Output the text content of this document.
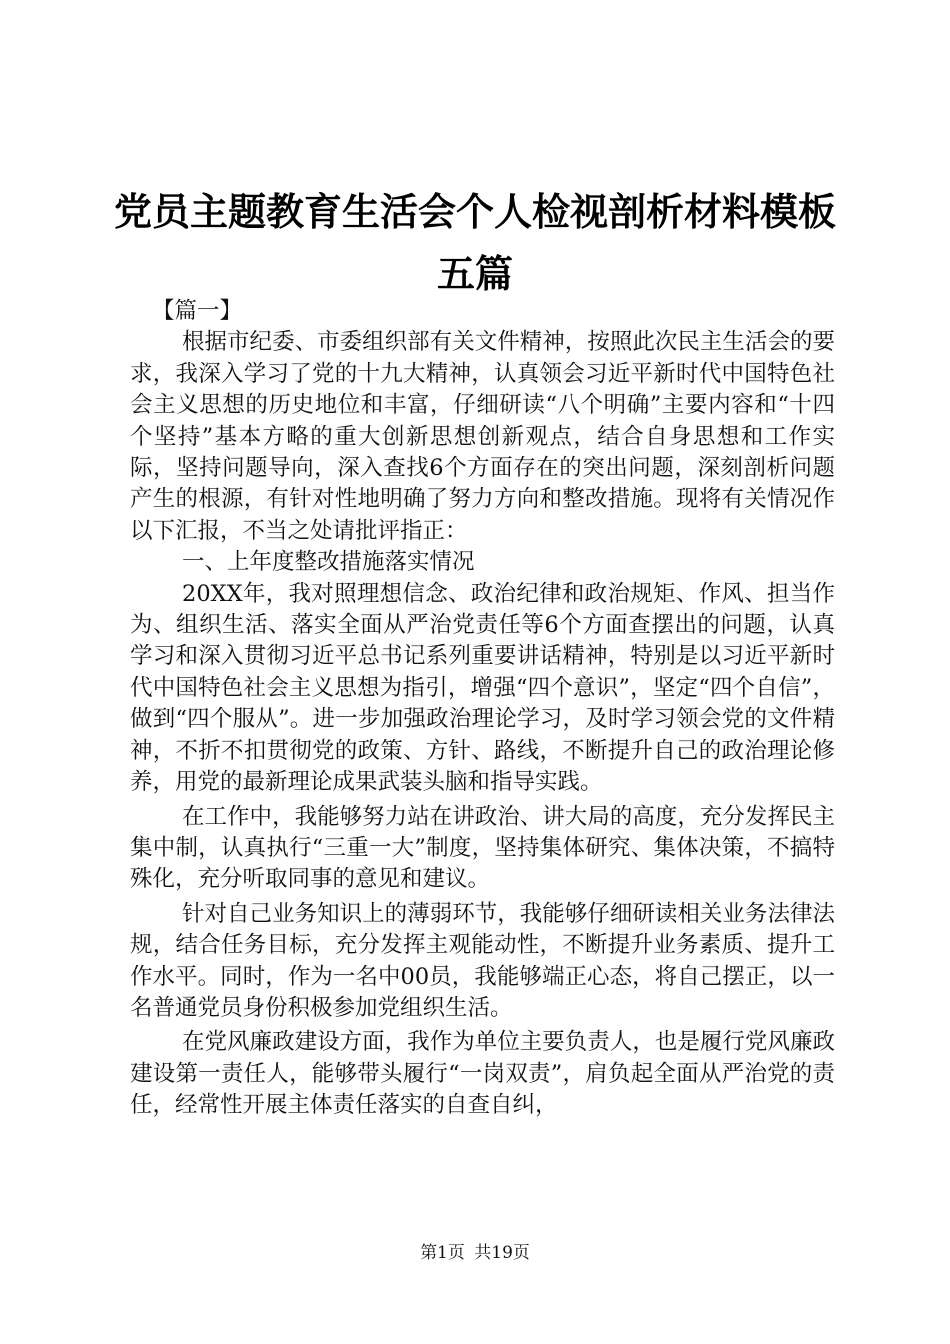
党员主题教育生活会个人检视剖析材料模板五篇

【篇一】

根据市纪委、市委组织部有关文件精神，按照此次民主生活会的要求，我深入学习了党的十九大精神，认真领会习近平新时代中国特色社会主义思想的历史地位和丰富，仔细研读“八个明确”主要内容和“十四个坚持”基本方略的重大创新思想创新观点，结合自身思想和工作实际，坚持问题导向，深入查找6个方面存在的突出问题，深刻剖析问题产生的根源，有针对性地明确了努力方向和整改措施。现将有关情况作以下汇报，不当之处请批评指正：

一、上年度整改措施落实情况

20XX年，我对照理想信念、政治纪律和政治规矩、作风、担当作为、组织生活、落实全面从严治党责任等6个方面查摆出的问题，认真学习和深入贯彻习近平总书记系列重要讲话精神，特别是以习近平新时代中国特色社会主义思想为指引，增强“四个意识”，坚定“四个自信”，做到“四个服从”。进一步加强政治理论学习，及时学习领会党的文件精神，不折不扣贯彻党的政策、方针、路线，不断提升自己的政治理论修养，用党的最新理论成果武装头脑和指导实践。

在工作中，我能够努力站在讲政治、讲大局的高度，充分发挥民主集中制，认真执行“三重一大”制度，坚持集体研究、集体决策，不搞特殊化，充分听取同事的意见和建议。

针对自己业务知识上的薄弱环节，我能够仔细研读相关业务法律法规，结合任务目标，充分发挥主观能动性，不断提升业务素质、提升工作水平。同时，作为一名中00员，我能够端正心态，将自己摆正，以一名普通党员身份积极参加党组织生活。

在党风廉政建设方面，我作为单位主要负责人，也是履行党风廉政建设第一责任人，能够带头履行“一岗双责”，肩负起全面从严治党的责任，经常性开展主体责任落实的自查自纠，

第1页 共19页
